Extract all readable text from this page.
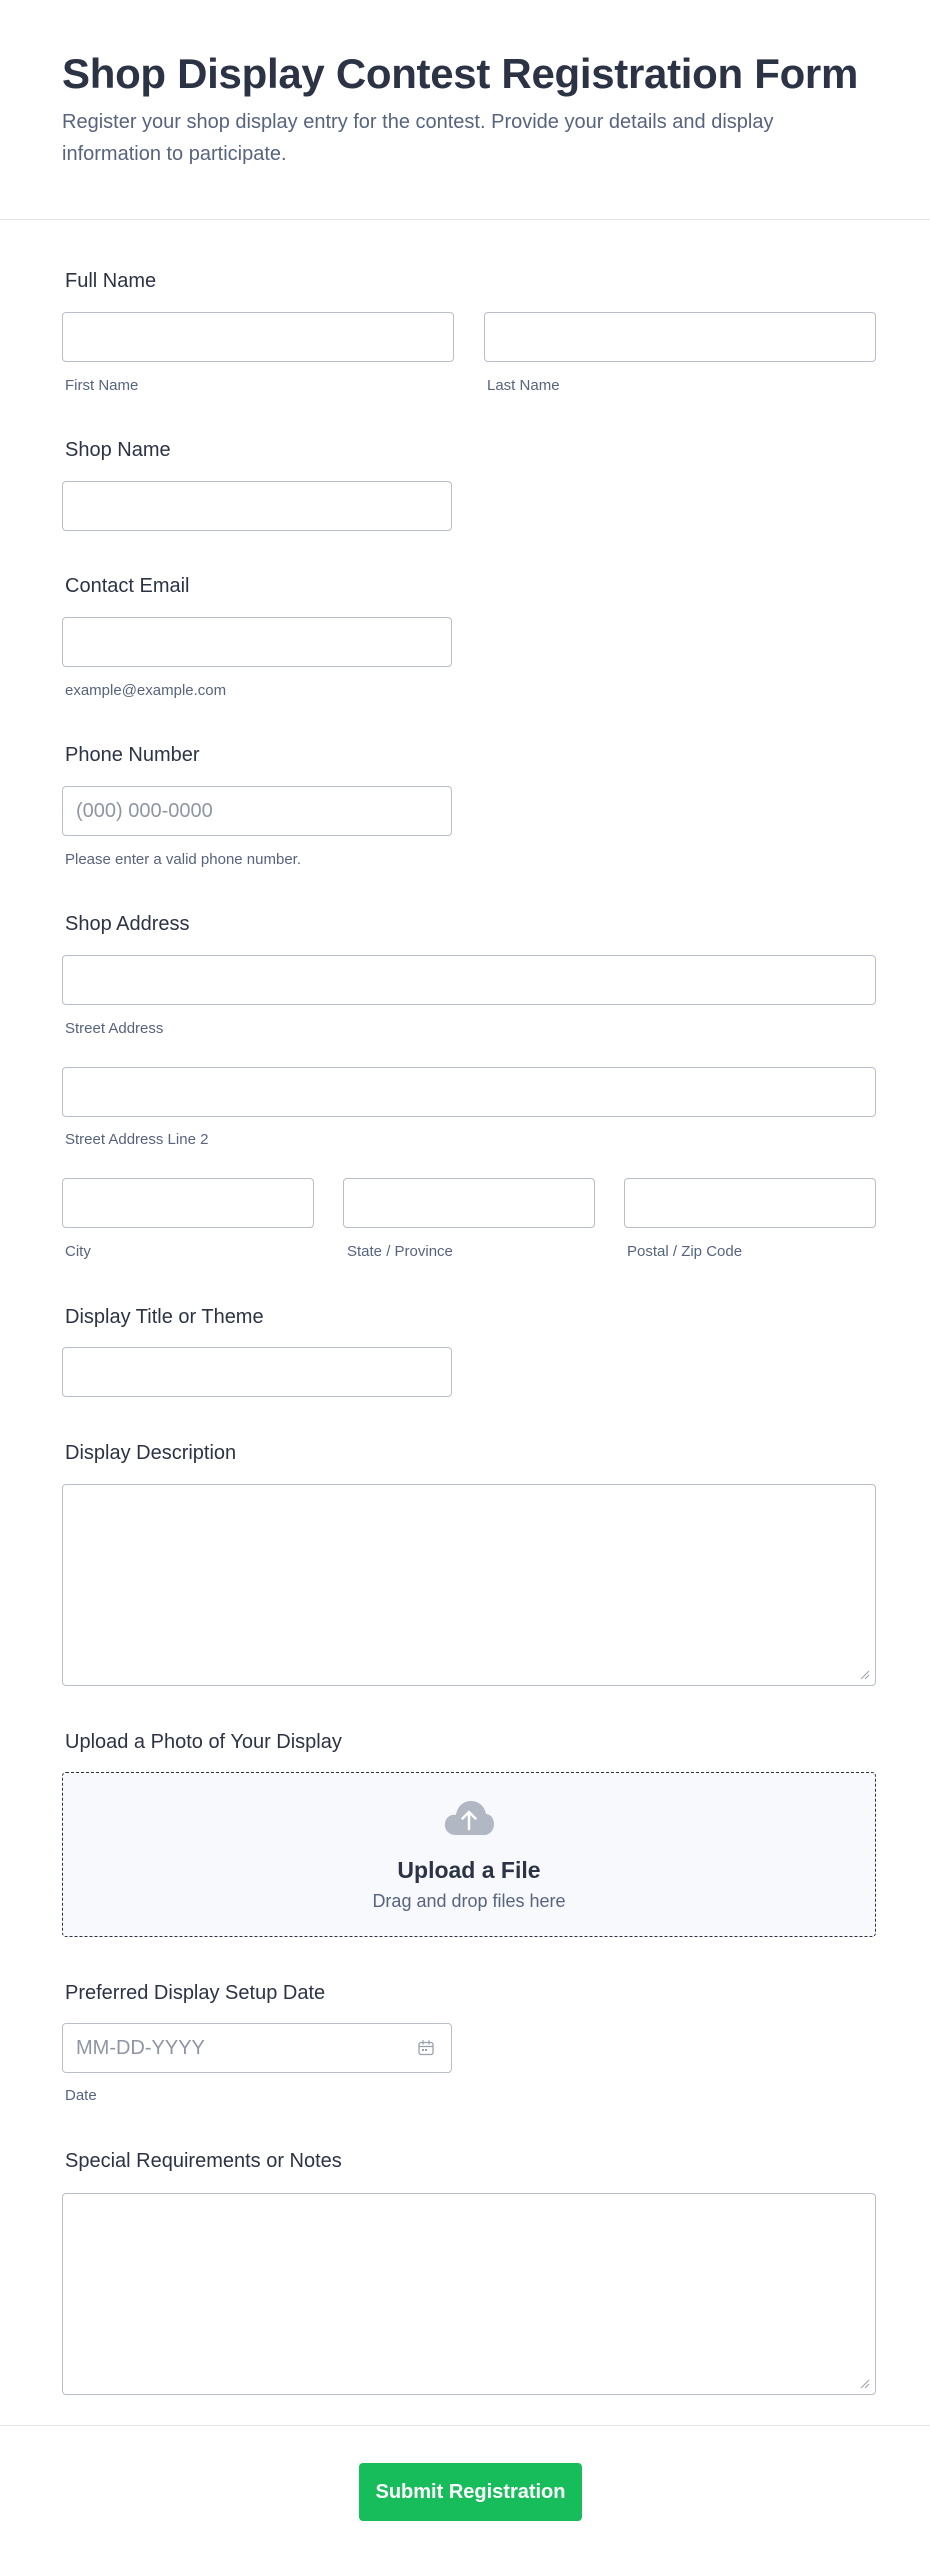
Shop Display Contest Registration Form
Register your shop display entry for the contest. Provide your details and display information to participate.
Full Name
First Name	Last Name
Shop Name
Contact Email
example@example.com
Phone Number
(000) 000-0000
Please enter a valid phone number.
Shop Address
Street Address
Street Address Line 2
City	State / Province	Postal / Zip Code
Display Title or Theme
Display Description
Upload a Photo of Your Display
Upload a File
Drag and drop files here
Preferred Display Setup Date
MM-DD-YYYY
Date
Special Requirements or Notes
Submit Registration
